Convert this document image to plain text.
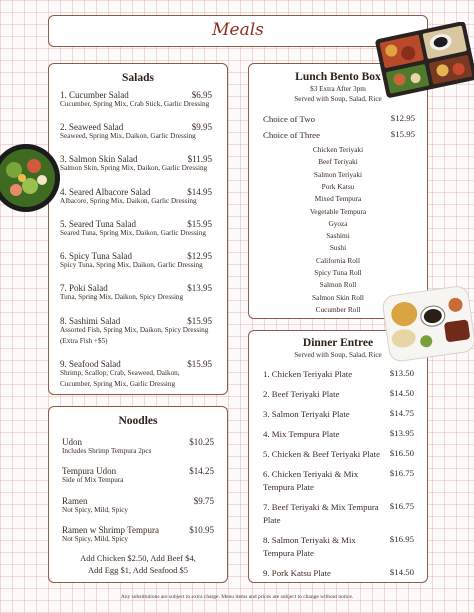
Meals
Salads
1. Cucumber Salad	$6.95
Cucumber, Spring Mix, Crab Stick, Garlic Dressing
2. Seaweed Salad	$9.95
Seaweed, Spring Mix, Daikon, Garlic Dressing
3. Salmon Skin Salad	$11.95
Salmon Skin, Spring Mix, Daikon, Garlic Dressing
4. Seared Albacore Salad	$14.95
Albacore, Spring Mix, Daikon, Garlic Dressing
5. Seared Tuna Salad	$15.95
Seared Tuna, Spring Mix, Daikon, Garlic Dressing
6. Spicy Tuna Salad	$12.95
Spicy Tuna, Spring Mix, Daikon, Garlic Dressing
7. Poki Salad	$13.95
Tuna, Spring Mix, Daikon, Spicy Dressing
8. Sashimi Salad	$15.95
Assorted Fish, Spring Mix, Daikon, Spicy Dressing
(Extra Fish +$5)
9. Seafood Salad	$15.95
Shrimp, Scallop, Crab, Seaweed, Daikon,
Cucumber, Spring Mix, Garlic Dressing
Noodles
Udon	$10.25
Includes Shrimp Tempura 2pcs
Tempura Udon	$14.25
Side of Mix Tempura
Ramen	$9.75
Not Spicy, Mild, Spicy
Ramen w Shrimp Tempura	$10.95
Not Spicy, Mild, Spicy
Add Chicken $2.50, Add Beef $4,
Add Egg $1, Add Seafood $5
Lunch Bento Box
$3 Extra After 3pm
Served with Soup, Salad, Rice
Choice of Two	$12.95
Choice of Three	$15.95
Chicken Teriyaki
Beef Teriyaki
Salmon Teriyaki
Pork Katsu
Mixed Tempura
Vegetable Tempura
Gyoza
Sashimi
Sushi
California Roll
Spicy Tuna Roll
Salmon Roll
Salmon Skin Roll
Cucumber Roll
Dinner Entree
Served with Soup, Salad, Rice
1. Chicken Teriyaki Plate	$13.50
2. Beef Teriyaki Plate	$14.50
3. Salmon Teriyaki Plate	$14.75
4. Mix Tempura Plate	$13.95
5. Chicken & Beef Teriyaki Plate $16.50
6. Chicken Teriyaki & Mix
Tempura Plate
$16.75
7. Beef Teriyaki & Mix Tempura
Plate
$16.75
8. Salmon Teriyaki & Mix
Tempura Plate
$16.95
9. Pork Katsu Plate	$14.50
Any substitutions are subject to extra charge. Menu items and prices are subject to change without notice.
